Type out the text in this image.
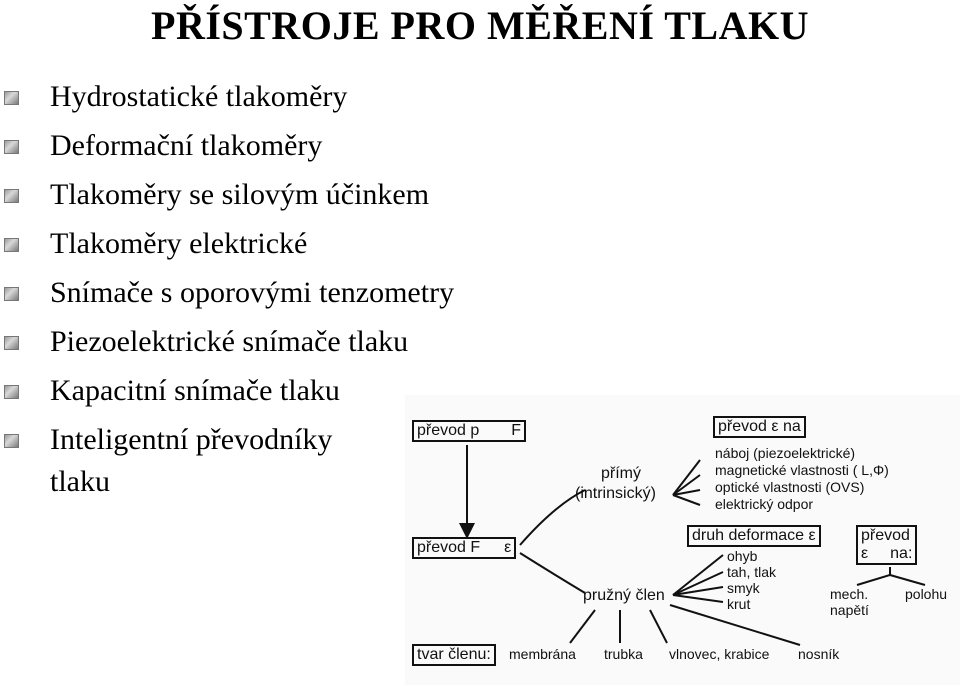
PŘÍSTROJE PRO MĚŘENÍ TLAKU
Hydrostatické tlakoměry
Deformační tlakoměry
Tlakoměry se silovým účinkem
Tlakoměry elektrické
Snímače s oporovými tenzometry
Piezoelektrické snímače tlaku
Kapacitní snímače tlaku
Inteligentní převodníky
tlaku
převod p F
převod F ε
převod ε na
přímý
(intrinsický)
náboj (piezoelektrické)
magnetické vlastnosti ( L,Φ)
optické vlastnosti (OVS)
elektrický odpor
druh deformace ε
ohyb
tah, tlak
smyk
krut
pružný člen
převod
ε na:
mech.
napětí
polohu
tvar členu:	membrána trubka vlnovec, krabice nosník
